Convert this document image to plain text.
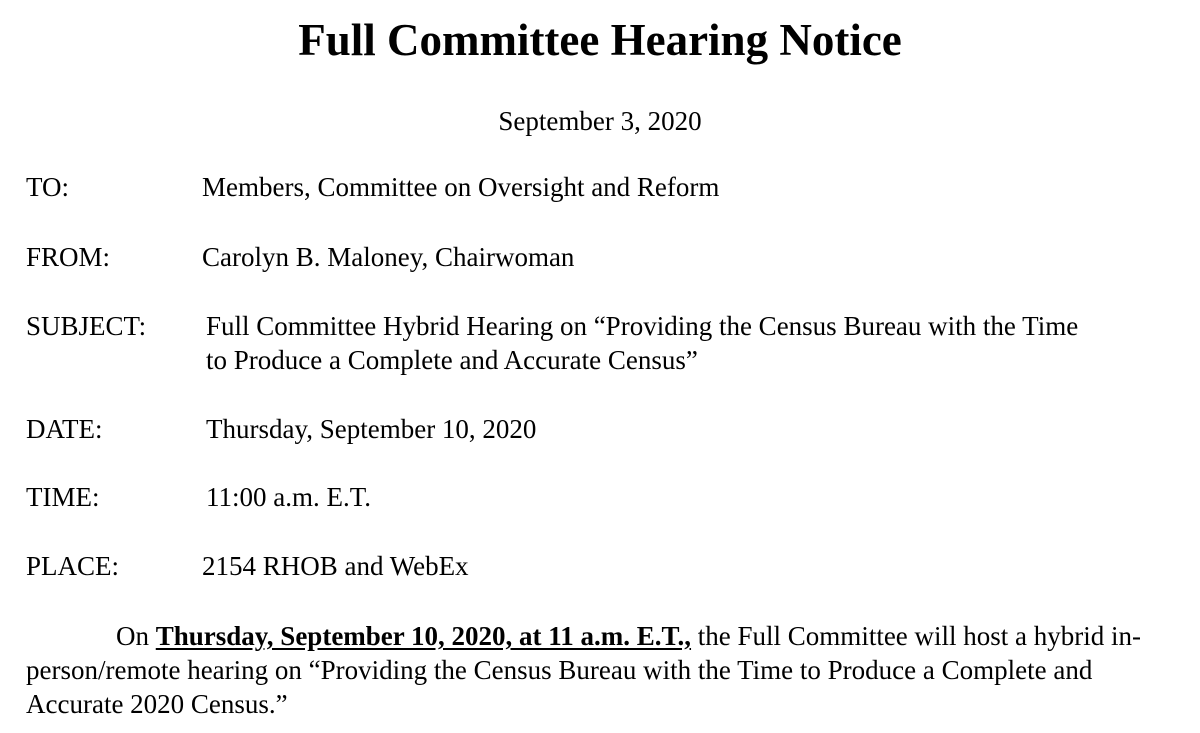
Full Committee Hearing Notice
September 3, 2020
TO:	Members, Committee on Oversight and Reform
FROM:	Carolyn B. Maloney, Chairwoman
SUBJECT: Full Committee Hybrid Hearing on “Providing the Census Bureau with the Time
to Produce a Complete and Accurate Census”
DATE:	Thursday, September 10, 2020
TIME:	11:00 a.m. E.T.
PLACE:	2154 RHOB and WebEx

On Thursday, September 10, 2020, at 11 a.m. E.T., the Full Committee will host a hybrid in-person/remote hearing on “Providing the Census Bureau with the Time to Produce a Complete and Accurate 2020 Census.”
